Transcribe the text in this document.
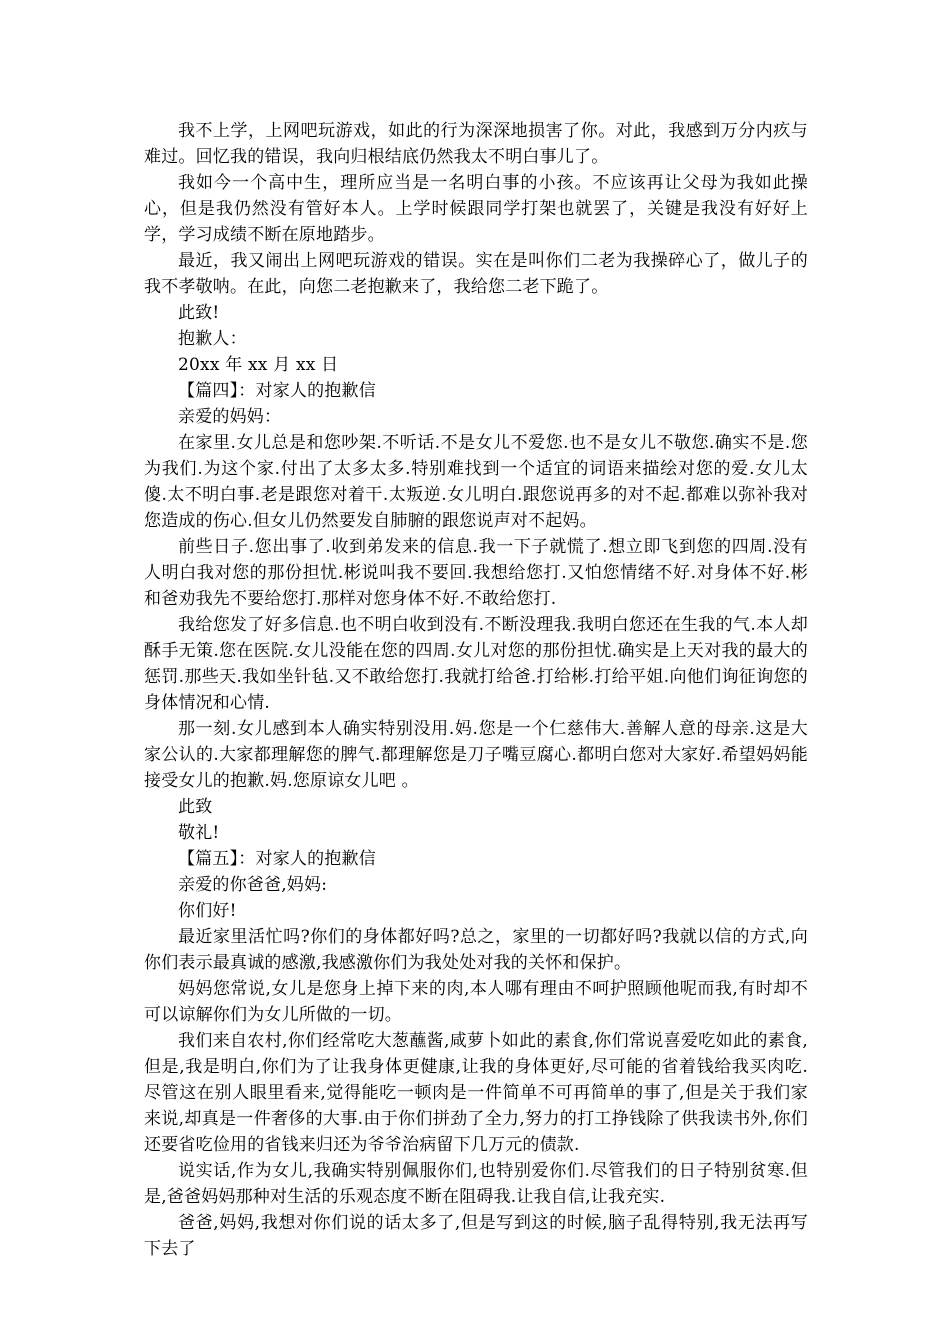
我不上学，上网吧玩游戏，如此的行为深深地损害了你。对此，我感到万分内疚与难过。回忆我的错误，我向归根结底仍然我太不明白事儿了。

我如今一个高中生，理所应当是一名明白事的小孩。不应该再让父母为我如此操心，但是我仍然没有管好本人。上学时候跟同学打架也就罢了，关键是我没有好好上学，学习成绩不断在原地踏步。

最近，我又闹出上网吧玩游戏的错误。实在是叫你们二老为我操碎心了，做儿子的我不孝敬呐。在此，向您二老抱歉来了，我给您二老下跪了。

此致!

抱歉人：

20xx 年 xx 月 xx 日

【篇四】：对家人的抱歉信

亲爱的妈妈：

在家里.女儿总是和您吵架.不听话.不是女儿不爱您.也不是女儿不敬您.确实不是.您为我们.为这个家.付出了太多太多.特别难找到一个适宜的词语来描绘对您的爱.女儿太傻.太不明白事.老是跟您对着干.太叛逆.女儿明白.跟您说再多的对不起.都难以弥补我对您造成的伤心.但女儿仍然要发自肺腑的跟您说声对不起妈。

前些日子.您出事了.收到弟发来的信息.我一下子就慌了.想立即飞到您的四周.没有人明白我对您的那份担忧.彬说叫我不要回.我想给您打.又怕您情绪不好.对身体不好.彬和爸劝我先不要给您打.那样对您身体不好.不敢给您打.

我给您发了好多信息.也不明白收到没有.不断没理我.我明白您还在生我的气.本人却酥手无策.您在医院.女儿没能在您的四周.女儿对您的那份担忧.确实是上天对我的最大的惩罚.那些天.我如坐针毡.又不敢给您打.我就打给爸.打给彬.打给平姐.向他们询征询您的身体情况和心情.

那一刻.女儿感到本人确实特别没用.妈.您是一个仁慈伟大.善解人意的母亲.这是大家公认的.大家都理解您的脾气.都理解您是刀子嘴豆腐心.都明白您对大家好.希望妈妈能接受女儿的抱歉.妈.您原谅女儿吧 。

此致

敬礼!

【篇五】：对家人的抱歉信

亲爱的你爸爸,妈妈:

你们好!

最近家里活忙吗?你们的身体都好吗?总之，家里的一切都好吗?我就以信的方式,向你们表示最真诚的感激,我感激你们为我处处对我的关怀和保护。

妈妈您常说,女儿是您身上掉下来的肉,本人哪有理由不呵护照顾他呢而我,有时却不可以谅解你们为女儿所做的一切。

我们来自农村,你们经常吃大葱蘸酱,咸萝卜如此的素食,你们常说喜爱吃如此的素食,但是,我是明白,你们为了让我身体更健康,让我的身体更好,尽可能的省着钱给我买肉吃.尽管这在别人眼里看来,觉得能吃一顿肉是一件简单不可再简单的事了,但是关于我们家来说,却真是一件奢侈的大事.由于你们拼劲了全力,努力的打工挣钱除了供我读书外,你们还要省吃俭用的省钱来归还为爷爷治病留下几万元的债款.

说实话,作为女儿,我确实特别佩服你们,也特别爱你们.尽管我们的日子特别贫寒.但是,爸爸妈妈那种对生活的乐观态度不断在阻碍我.让我自信,让我充实.

爸爸,妈妈,我想对你们说的话太多了,但是写到这的时候,脑子乱得特别,我无法再写下去了
